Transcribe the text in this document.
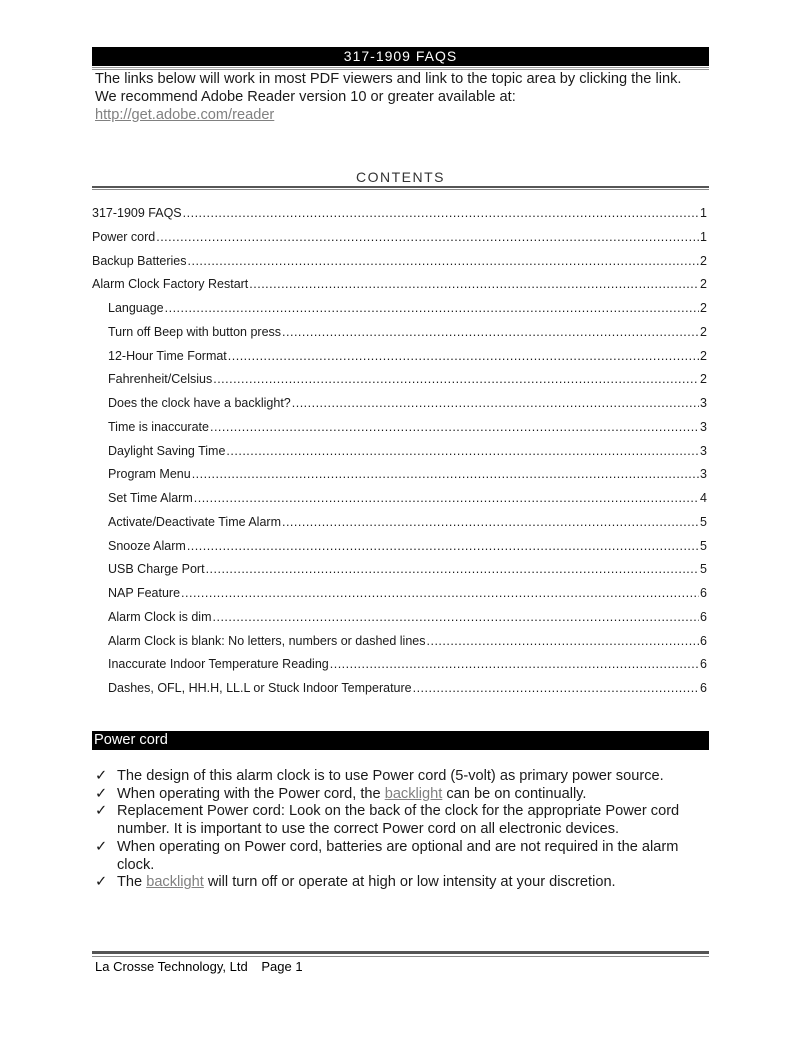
317-1909 FAQS
The links below will work in most PDF viewers and link to the topic area by clicking the link. We recommend Adobe Reader version 10 or greater available at:
http://get.adobe.com/reader
CONTENTS
317-1909 FAQS .....	1
Power cord .....	1
Backup Batteries .....	2
Alarm Clock Factory Restart .....	2
Language .....	2
Turn off Beep with button press .....	2
12-Hour Time Format .....	2
Fahrenheit/Celsius .....	2
Does the clock have a backlight? .....	3
Time is inaccurate .....	3
Daylight Saving Time .....	3
Program Menu .....	3
Set Time Alarm .....	4
Activate/Deactivate Time Alarm .....	5
Snooze Alarm .....	5
USB Charge Port .....	5
NAP Feature .....	6
Alarm Clock is dim .....	6
Alarm Clock is blank: No letters, numbers or dashed lines .....	6
Inaccurate Indoor Temperature Reading .....	6
Dashes, OFL, HH.H, LL.L or Stuck Indoor Temperature .....	6
Power cord
✓ The design of this alarm clock is to use Power cord (5-volt) as primary power source.
✓ When operating with the Power cord, the backlight can be on continually.
✓ Replacement Power cord: Look on the back of the clock for the appropriate Power cord number. It is important to use the correct Power cord on all electronic devices.
✓ When operating on Power cord, batteries are optional and are not required in the alarm clock.
✓ The backlight will turn off or operate at high or low intensity at your discretion.
La Crosse Technology, Ltd Page 1
